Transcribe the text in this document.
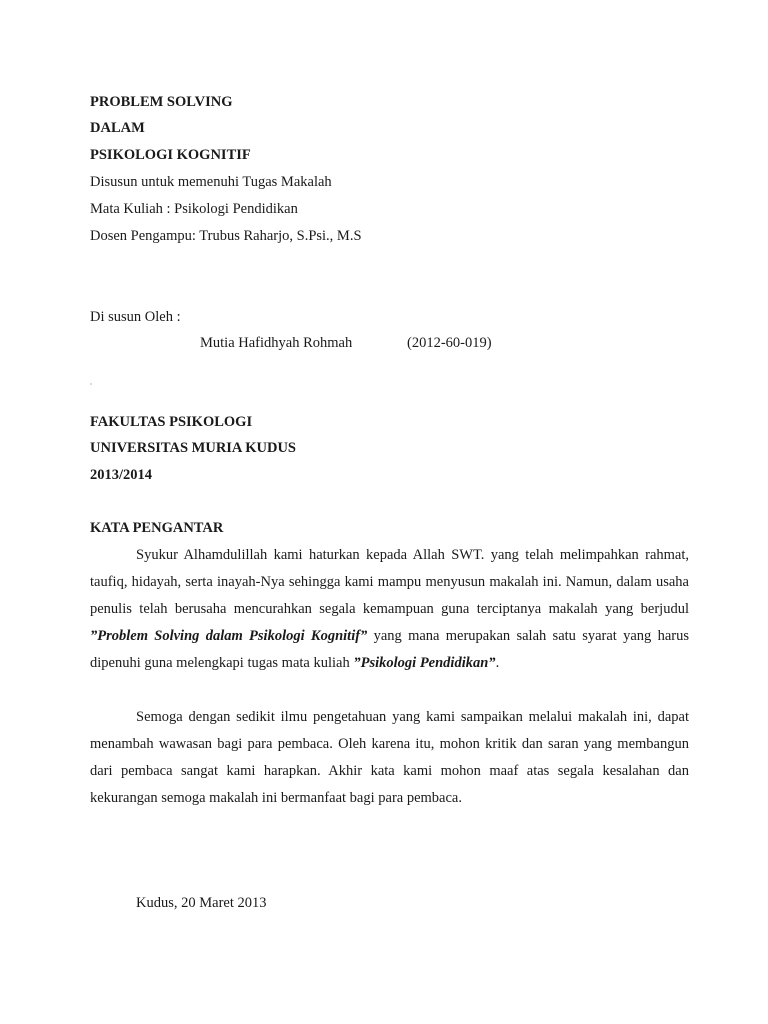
PROBLEM SOLVING
DALAM
PSIKOLOGI KOGNITIF
Disusun untuk memenuhi Tugas Makalah
Mata Kuliah : Psikologi Pendidikan
Dosen Pengampu: Trubus Raharjo, S.Psi., M.S
Di susun Oleh :
Mutia Hafidhyah Rohmah	(2012-60-019)
FAKULTAS PSIKOLOGI
UNIVERSITAS MURIA KUDUS
2013/2014
KATA PENGANTAR
Syukur Alhamdulillah kami haturkan kepada Allah SWT. yang telah melimpahkan rahmat, taufiq, hidayah, serta inayah-Nya sehingga kami mampu menyusun makalah ini. Namun, dalam usaha penulis telah berusaha mencurahkan segala kemampuan guna terciptanya makalah yang berjudul ”Problem Solving dalam Psikologi Kognitif” yang mana merupakan salah satu syarat yang harus dipenuhi guna melengkapi tugas mata kuliah ”Psikologi Pendidikan”.
Semoga dengan sedikit ilmu pengetahuan yang kami sampaikan melalui makalah ini, dapat menambah wawasan bagi para pembaca. Oleh karena itu, mohon kritik dan saran yang membangun dari pembaca sangat kami harapkan. Akhir kata kami mohon maaf atas segala kesalahan dan kekurangan semoga makalah ini bermanfaat bagi para pembaca.
Kudus, 20 Maret 2013
